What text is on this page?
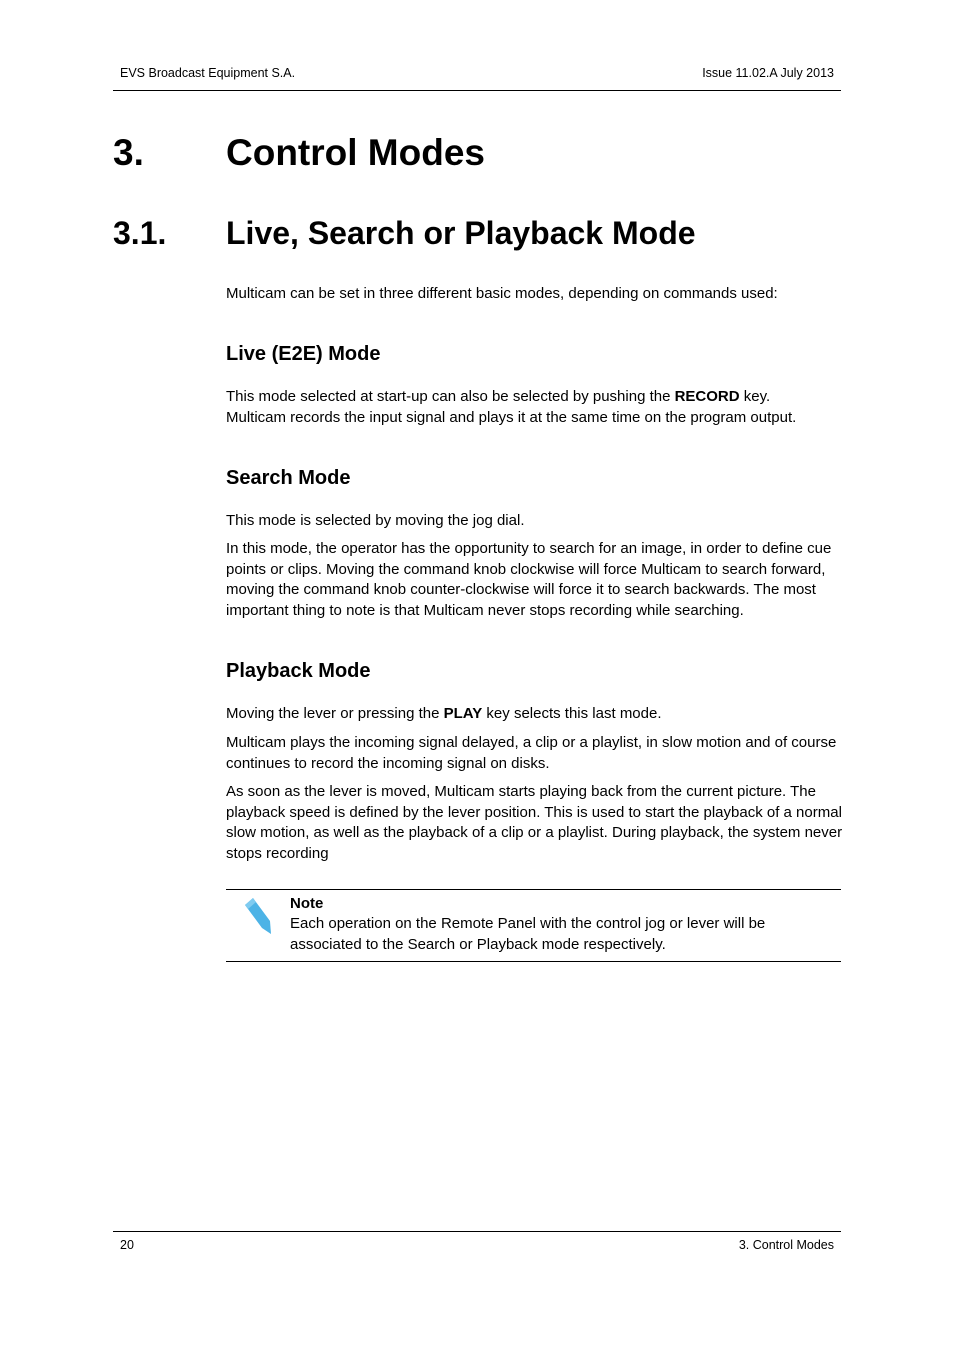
EVS Broadcast Equipment S.A.	Issue 11.02.A July 2013
3. Control Modes
3.1. Live, Search or Playback Mode
Multicam can be set in three different basic modes, depending on commands used:
Live (E2E) Mode
This mode selected at start-up can also be selected by pushing the RECORD key.
Multicam records the input signal and plays it at the same time on the program output.
Search Mode
This mode is selected by moving the jog dial.
In this mode, the operator has the opportunity to search for an image, in order to define cue points or clips. Moving the command knob clockwise will force Multicam to search forward, moving the command knob counter-clockwise will force it to search backwards. The most important thing to note is that Multicam never stops recording while searching.
Playback Mode
Moving the lever or pressing the PLAY key selects this last mode.
Multicam plays the incoming signal delayed, a clip or a playlist, in slow motion and of course continues to record the incoming signal on disks.
As soon as the lever is moved, Multicam starts playing back from the current picture. The playback speed is defined by the lever position. This is used to start the playback of a normal slow motion, as well as the playback of a clip or a playlist. During playback, the system never stops recording
Note
Each operation on the Remote Panel with the control jog or lever will be associated to the Search or Playback mode respectively.
20	3. Control Modes
